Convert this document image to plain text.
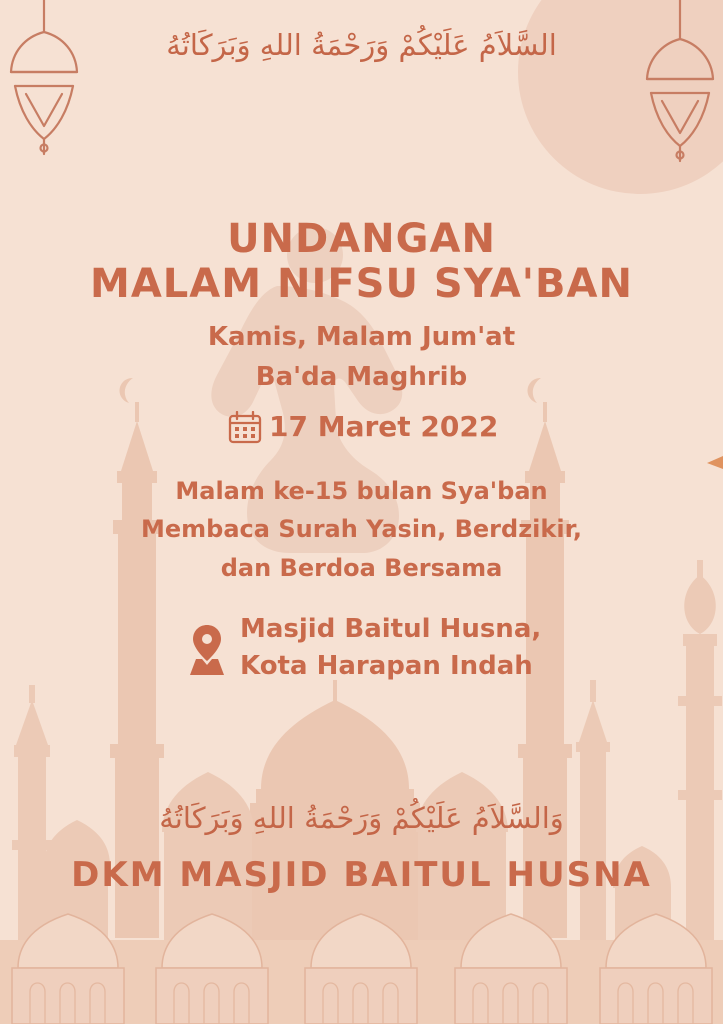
السَّلاَمُ عَلَيْكُمْ وَرَحْمَةُ اللهِ وَبَرَكَاتُهُ
UNDANGAN
MALAM NIFSU SYA'BAN
Kamis, Malam Jum'at
Ba'da Maghrib
17 Maret 2022
Malam ke-15 bulan Sya'ban
Membaca Surah Yasin, Berdzikir,
dan Berdoa Bersama
Masjid Baitul Husna,
Kota Harapan Indah
وَالسَّلاَمُ عَلَيْكُمْ وَرَحْمَةُ اللهِ وَبَرَكَاتُهُ
DKM MASJID BAITUL HUSNA
